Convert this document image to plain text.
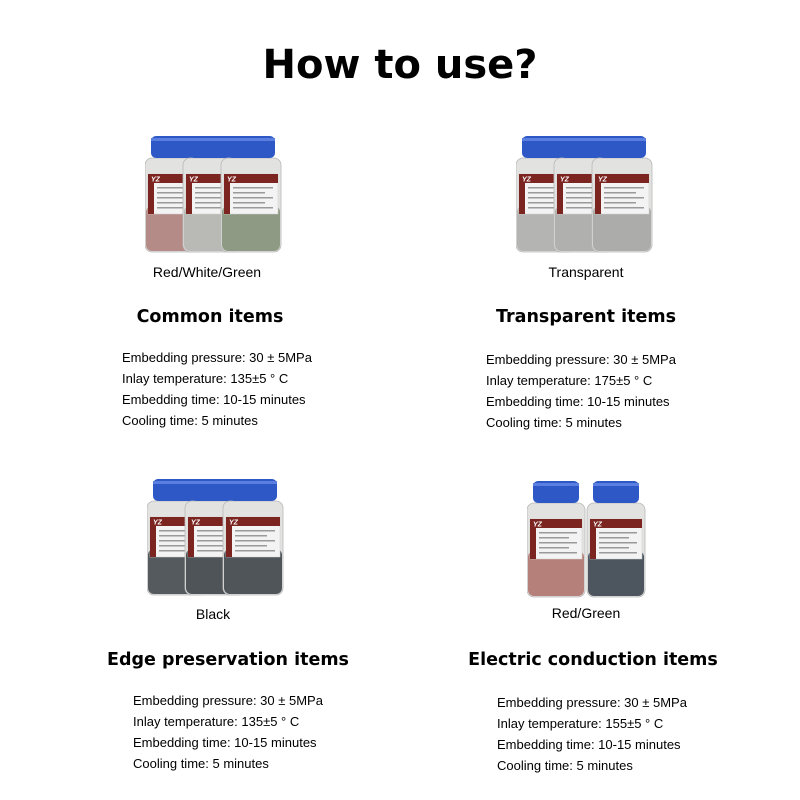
How to use?
YZ	YZ	YZ
Red/White/Green
Common items
Embedding pressure: 30 ± 5MPa
Inlay temperature: 135±5 ° C
Embedding time: 10-15 minutes
Cooling time: 5 minutes
YZ	YZ	YZ
Transparent
Transparent items
Embedding pressure: 30 ± 5MPa
Inlay temperature: 175±5 ° C
Embedding time: 10-15 minutes
Cooling time: 5 minutes
YZ	YZ	YZ
Black
Edge preservation items
Embedding pressure: 30 ± 5MPa
Inlay temperature: 135±5 ° C
Embedding time: 10-15 minutes
Cooling time: 5 minutes
YZ	YZ
Red/Green
Electric conduction items
Embedding pressure: 30 ± 5MPa
Inlay temperature: 155±5 ° C
Embedding time: 10-15 minutes
Cooling time: 5 minutes
